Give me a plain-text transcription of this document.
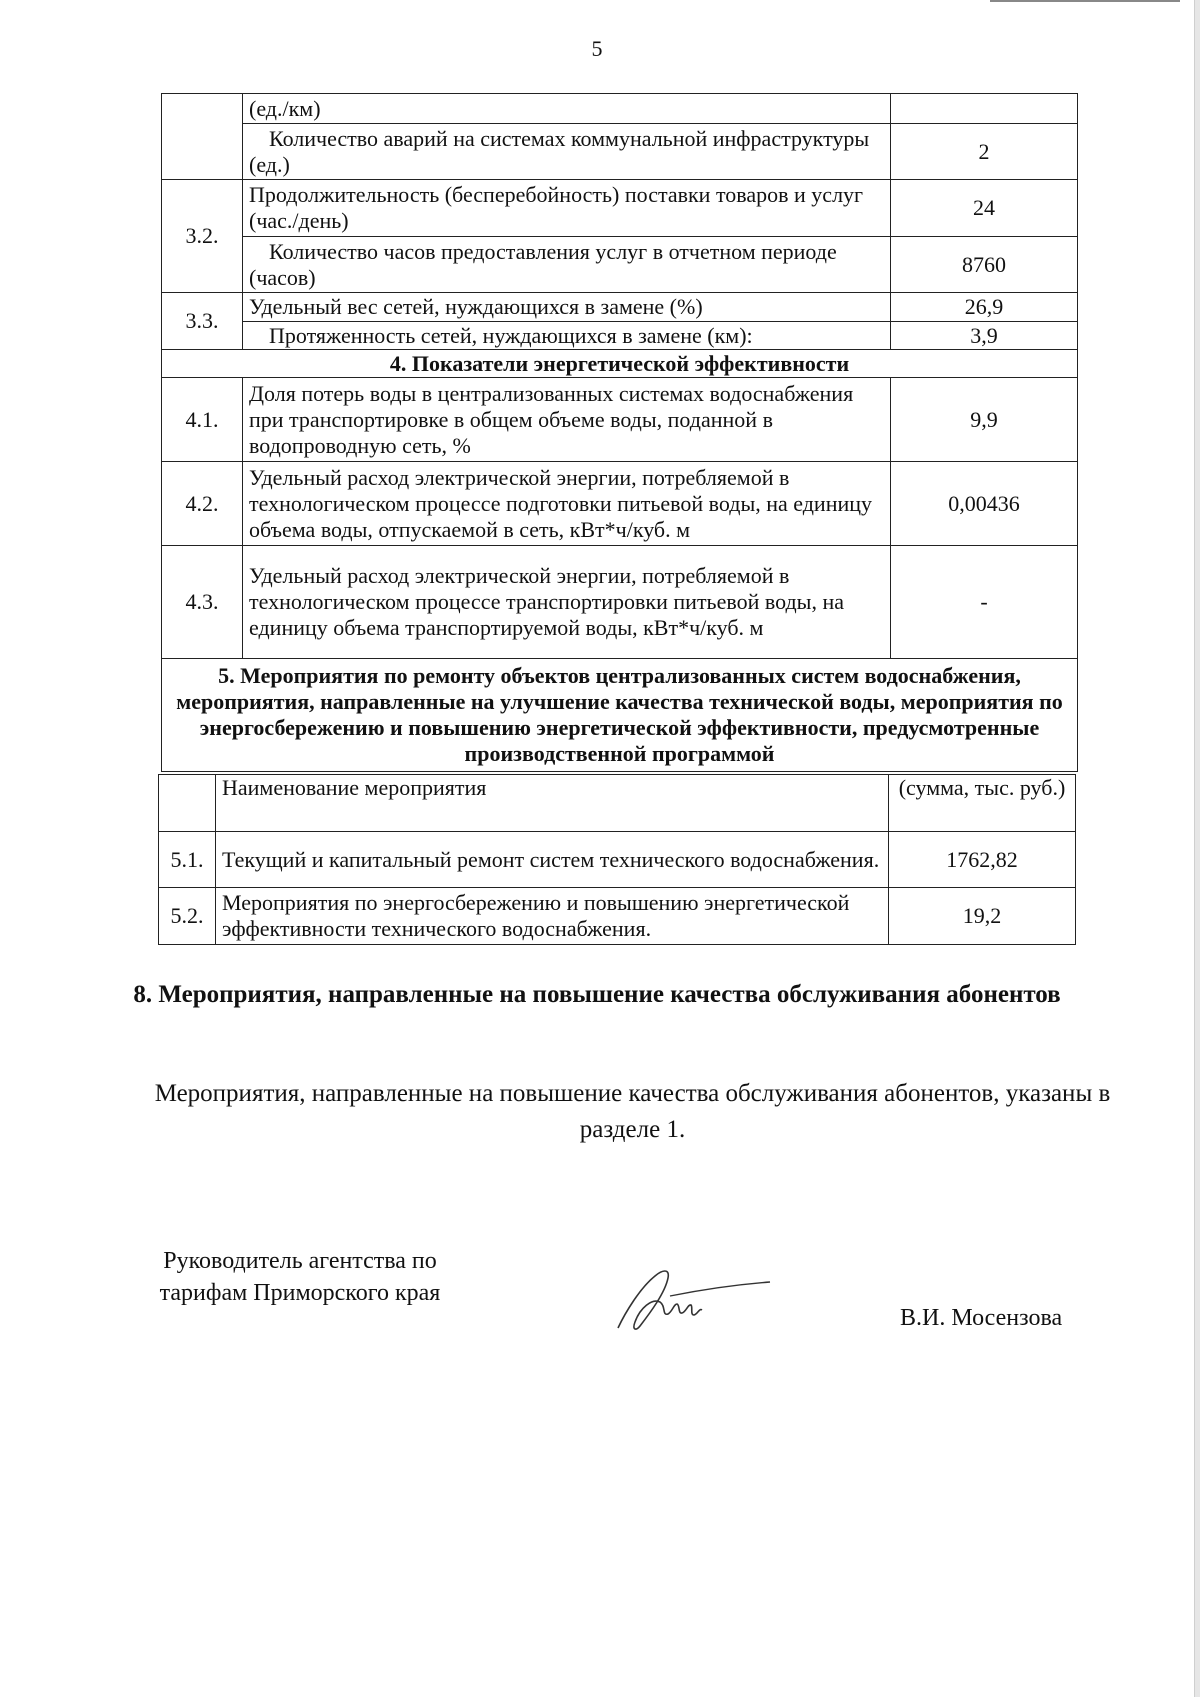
5
	(ед./км)	
	Количество аварий на системах коммунальной инфраструктуры (ед.)	2
3.2.	Продолжительность (бесперебойность) поставки товаров и услуг (час./день)	24
	Количество часов предоставления услуг в отчетном периоде (часов)	8760
3.3.	Удельный вес сетей, нуждающихся в замене (%)	26,9
	Протяженность сетей, нуждающихся в замене (км):	3,9
4. Показатели энергетической эффективности		
4.1.	Доля потерь воды в централизованных системах водоснабжения при транспортировке в общем объеме воды, поданной в водопроводную сеть, %	9,9
4.2.	Удельный расход электрической энергии, потребляемой в технологическом процессе подготовки питьевой воды, на единицу объема воды, отпускаемой в сеть, кВт*ч/куб. м	0,00436
4.3.	Удельный расход электрической энергии, потребляемой в технологическом процессе транспортировки питьевой воды, на единицу объема транспортируемой воды, кВт*ч/куб. м	-
5. Мероприятия по ремонту объектов централизованных систем водоснабжения, мероприятия, направленные на улучшение качества технической воды, мероприятия по энергосбережению и повышению энергетической эффективности, предусмотренные производственной программой		
	Наименование мероприятия	(сумма, тыс. руб.)
5.1.	Текущий и капитальный ремонт систем технического водоснабжения.	1762,82
5.2.	Мероприятия по энергосбережению и повышению энергетической эффективности технического водоснабжения.	19,2
8. Мероприятия, направленные на повышение качества обслуживания абонентов
Мероприятия, направленные на повышение качества обслуживания абонентов, указаны в разделе 1.
Руководитель агентства по тарифам Приморского края
В.И. Мосензова
